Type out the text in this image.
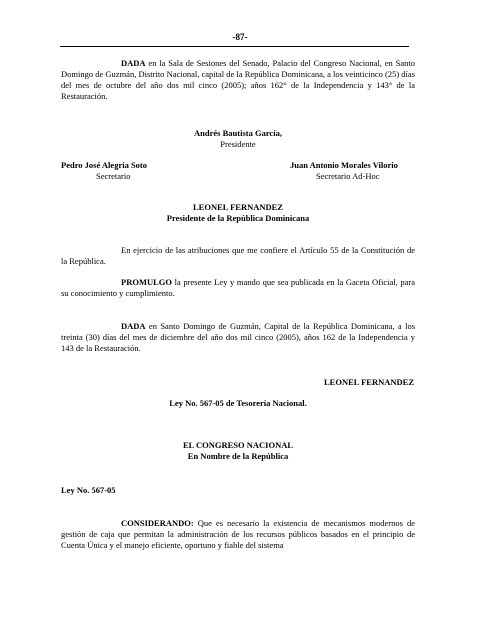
-87-
DADA en la Sala de Sesiones del Senado, Palacio del Congreso Nacional, en Santo Domingo de Guzmán, Distrito Nacional, capital de la República Dominicana, a los veinticinco (25) días del mes de octubre del año dos mil cinco (2005); años 162° de la Independencia y 143° de la Restauración.
Andrés Bautista García,
Presidente
Pedro José Alegria Soto
Secretario
Juan Antonio Morales Vilorio
Secretario Ad-Hoc
LEONEL FERNANDEZ
Presidente de la República Dominicana
En ejercicio de las atribuciones que me confiere el Artículo 55 de la Constitución de la República.
PROMULGO la presente Ley y mando que sea publicada en la Gaceta Oficial, para su conocimiento y cumplimiento.
DADA en Santo Domingo de Guzmán, Capital de la República Dominicana, a los treinta (30) días del mes de diciembre del año dos mil cinco (2005), años 162 de la Independencia y 143 de la Restauración.
LEONEL FERNANDEZ
Ley No. 567-05 de Tesorería Nacional.
EL CONGRESO NACIONAL
En Nombre de la República
Ley No. 567-05
CONSIDERANDO: Que es necesario la existencia de mecanismos modernos de gestión de caja que permitan la administración de los recursos públicos basados en el principio de Cuenta Única y el manejo eficiente, oportuno y fiable del sistema
